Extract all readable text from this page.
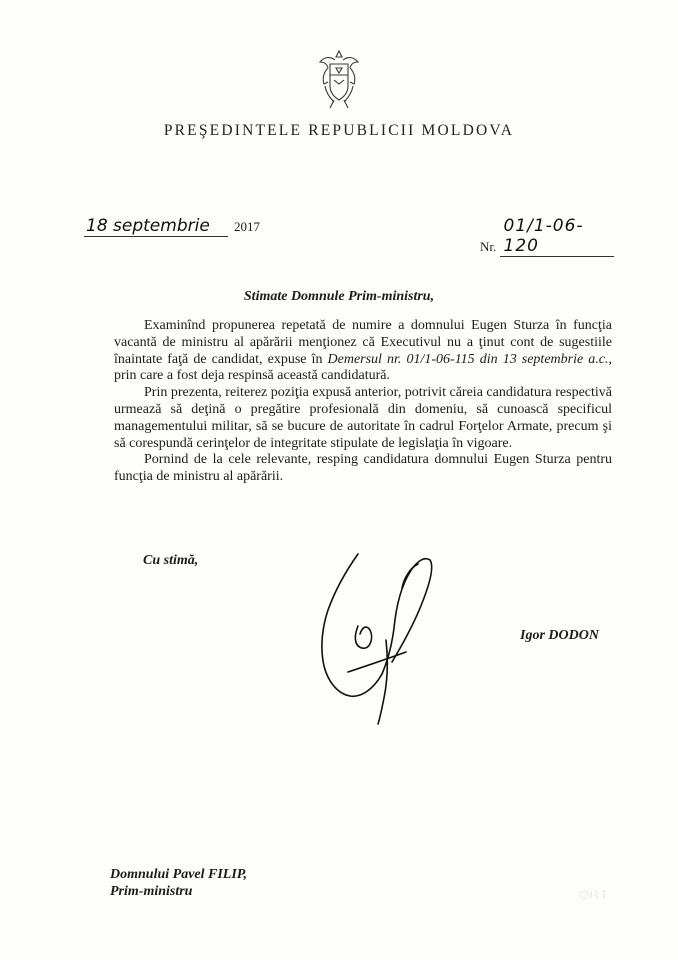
PREŞEDINTELE REPUBLICII MOLDOVA
18 septembrie 2017
Nr. 01/1-06-120
Stimate Domnule Prim-ministru,

Examinînd propunerea repetată de numire a domnului Eugen Sturza în funcţia vacantă de ministru al apărării menţionez că Executivul nu a ţinut cont de sugestiile înaintate faţă de candidat, expuse în Demersul nr. 01/1-06-115 din 13 septembrie a.c., prin care a fost deja respinsă această candidatură.

Prin prezenta, reiterez poziţia expusă anterior, potrivit căreia candidatura respectivă urmează să deţină o pregătire profesională din domeniu, să cunoască specificul managementului militar, să se bucure de autoritate în cadrul Forţelor Armate, precum şi să corespundă cerinţelor de integritate stipulate de legislaţia în vigoare.

Pornind de la cele relevante, resping candidatura domnului Eugen Sturza pentru funcţia de ministru al apărării.

Cu stimă,
Igor DODON
Domnului Pavel FILIP,
Prim-ministru
